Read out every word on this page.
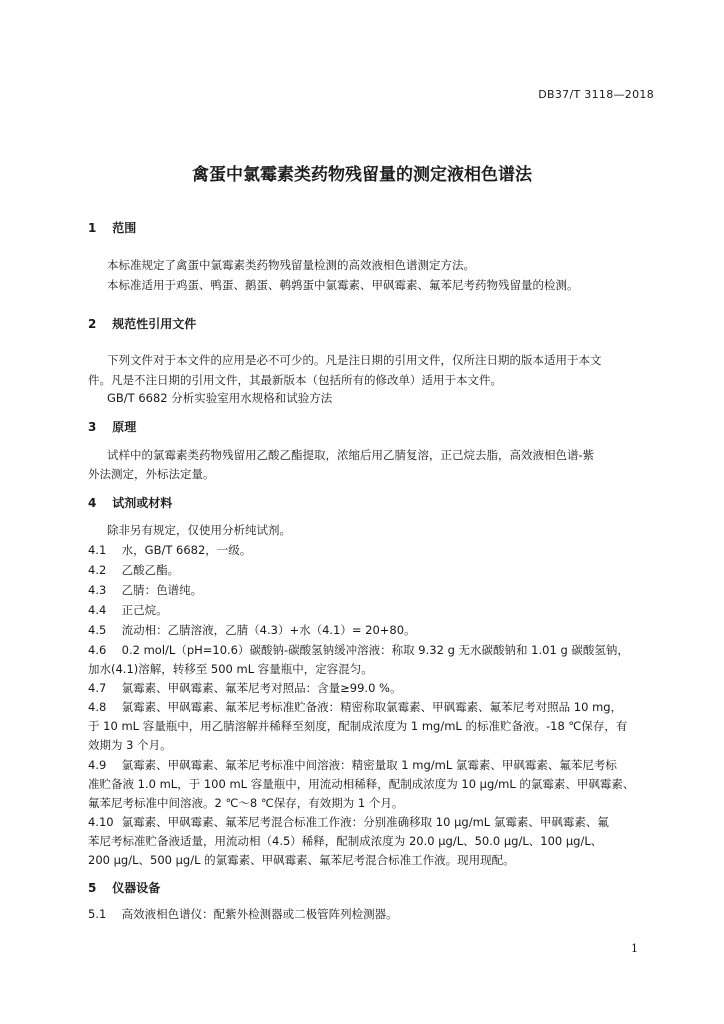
DB37/T 3118—2018
禽蛋中氯霉素类药物残留量的测定液相色谱法
1 范围
本标准规定了禽蛋中氯霉素类药物残留量检测的高效液相色谱测定方法。
本标准适用于鸡蛋、鸭蛋、鹅蛋、鹌鹑蛋中氯霉素、甲砜霉素、氟苯尼考药物残留量的检测。
2 规范性引用文件
下列文件对于本文件的应用是必不可少的。凡是注日期的引用文件，仅所注日期的版本适用于本文
件。凡是不注日期的引用文件，其最新版本（包括所有的修改单）适用于本文件。
GB/T 6682 分析实验室用水规格和试验方法
3 原理
试样中的氯霉素类药物残留用乙酸乙酯提取，浓缩后用乙腈复溶，正己烷去脂，高效液相色谱-紫
外法测定，外标法定量。
4 试剂或材料
除非另有规定，仅使用分析纯试剂。
4.1 水，GB/T 6682，一级。
4.2 乙酸乙酯。
4.3 乙腈：色谱纯。
4.4 正己烷。
4.5 流动相：乙腈溶液，乙腈（4.3）+水（4.1）= 20+80。
4.6 0.2 mol/L（pH=10.6）碳酸钠-碳酸氢钠缓冲溶液：称取 9.32 g 无水碳酸钠和 1.01 g 碳酸氢钠，
加水(4.1)溶解，转移至 500 mL 容量瓶中，定容混匀。
4.7 氯霉素、甲砜霉素、氟苯尼考对照品：含量≥99.0 %。
4.8 氯霉素、甲砜霉素、氟苯尼考标准贮备液：精密称取氯霉素、甲砜霉素、氟苯尼考对照品 10 mg，
于 10 mL 容量瓶中，用乙腈溶解并稀释至刻度，配制成浓度为 1 mg/mL 的标准贮备液。-18 ℃保存，有
效期为 3 个月。
4.9 氯霉素、甲砜霉素、氟苯尼考标准中间溶液：精密量取 1 mg/mL 氯霉素、甲砜霉素、氟苯尼考标
准贮备液 1.0 mL，于 100 mL 容量瓶中，用流动相稀释，配制成浓度为 10 μg/mL 的氯霉素、甲砜霉素、
氟苯尼考标准中间溶液。2 ℃～8 ℃保存，有效期为 1 个月。
4.10 氯霉素、甲砜霉素、氟苯尼考混合标准工作液：分别准确移取 10 μg/mL 氯霉素、甲砜霉素、氟
苯尼考标准贮备液适量，用流动相（4.5）稀释，配制成浓度为 20.0 μg/L、50.0 μg/L、100 μg/L、
200 μg/L、500 μg/L 的氯霉素、甲砜霉素、氟苯尼考混合标准工作液。现用现配。
5 仪器设备
5.1 高效液相色谱仪：配紫外检测器或二极管阵列检测器。
1
